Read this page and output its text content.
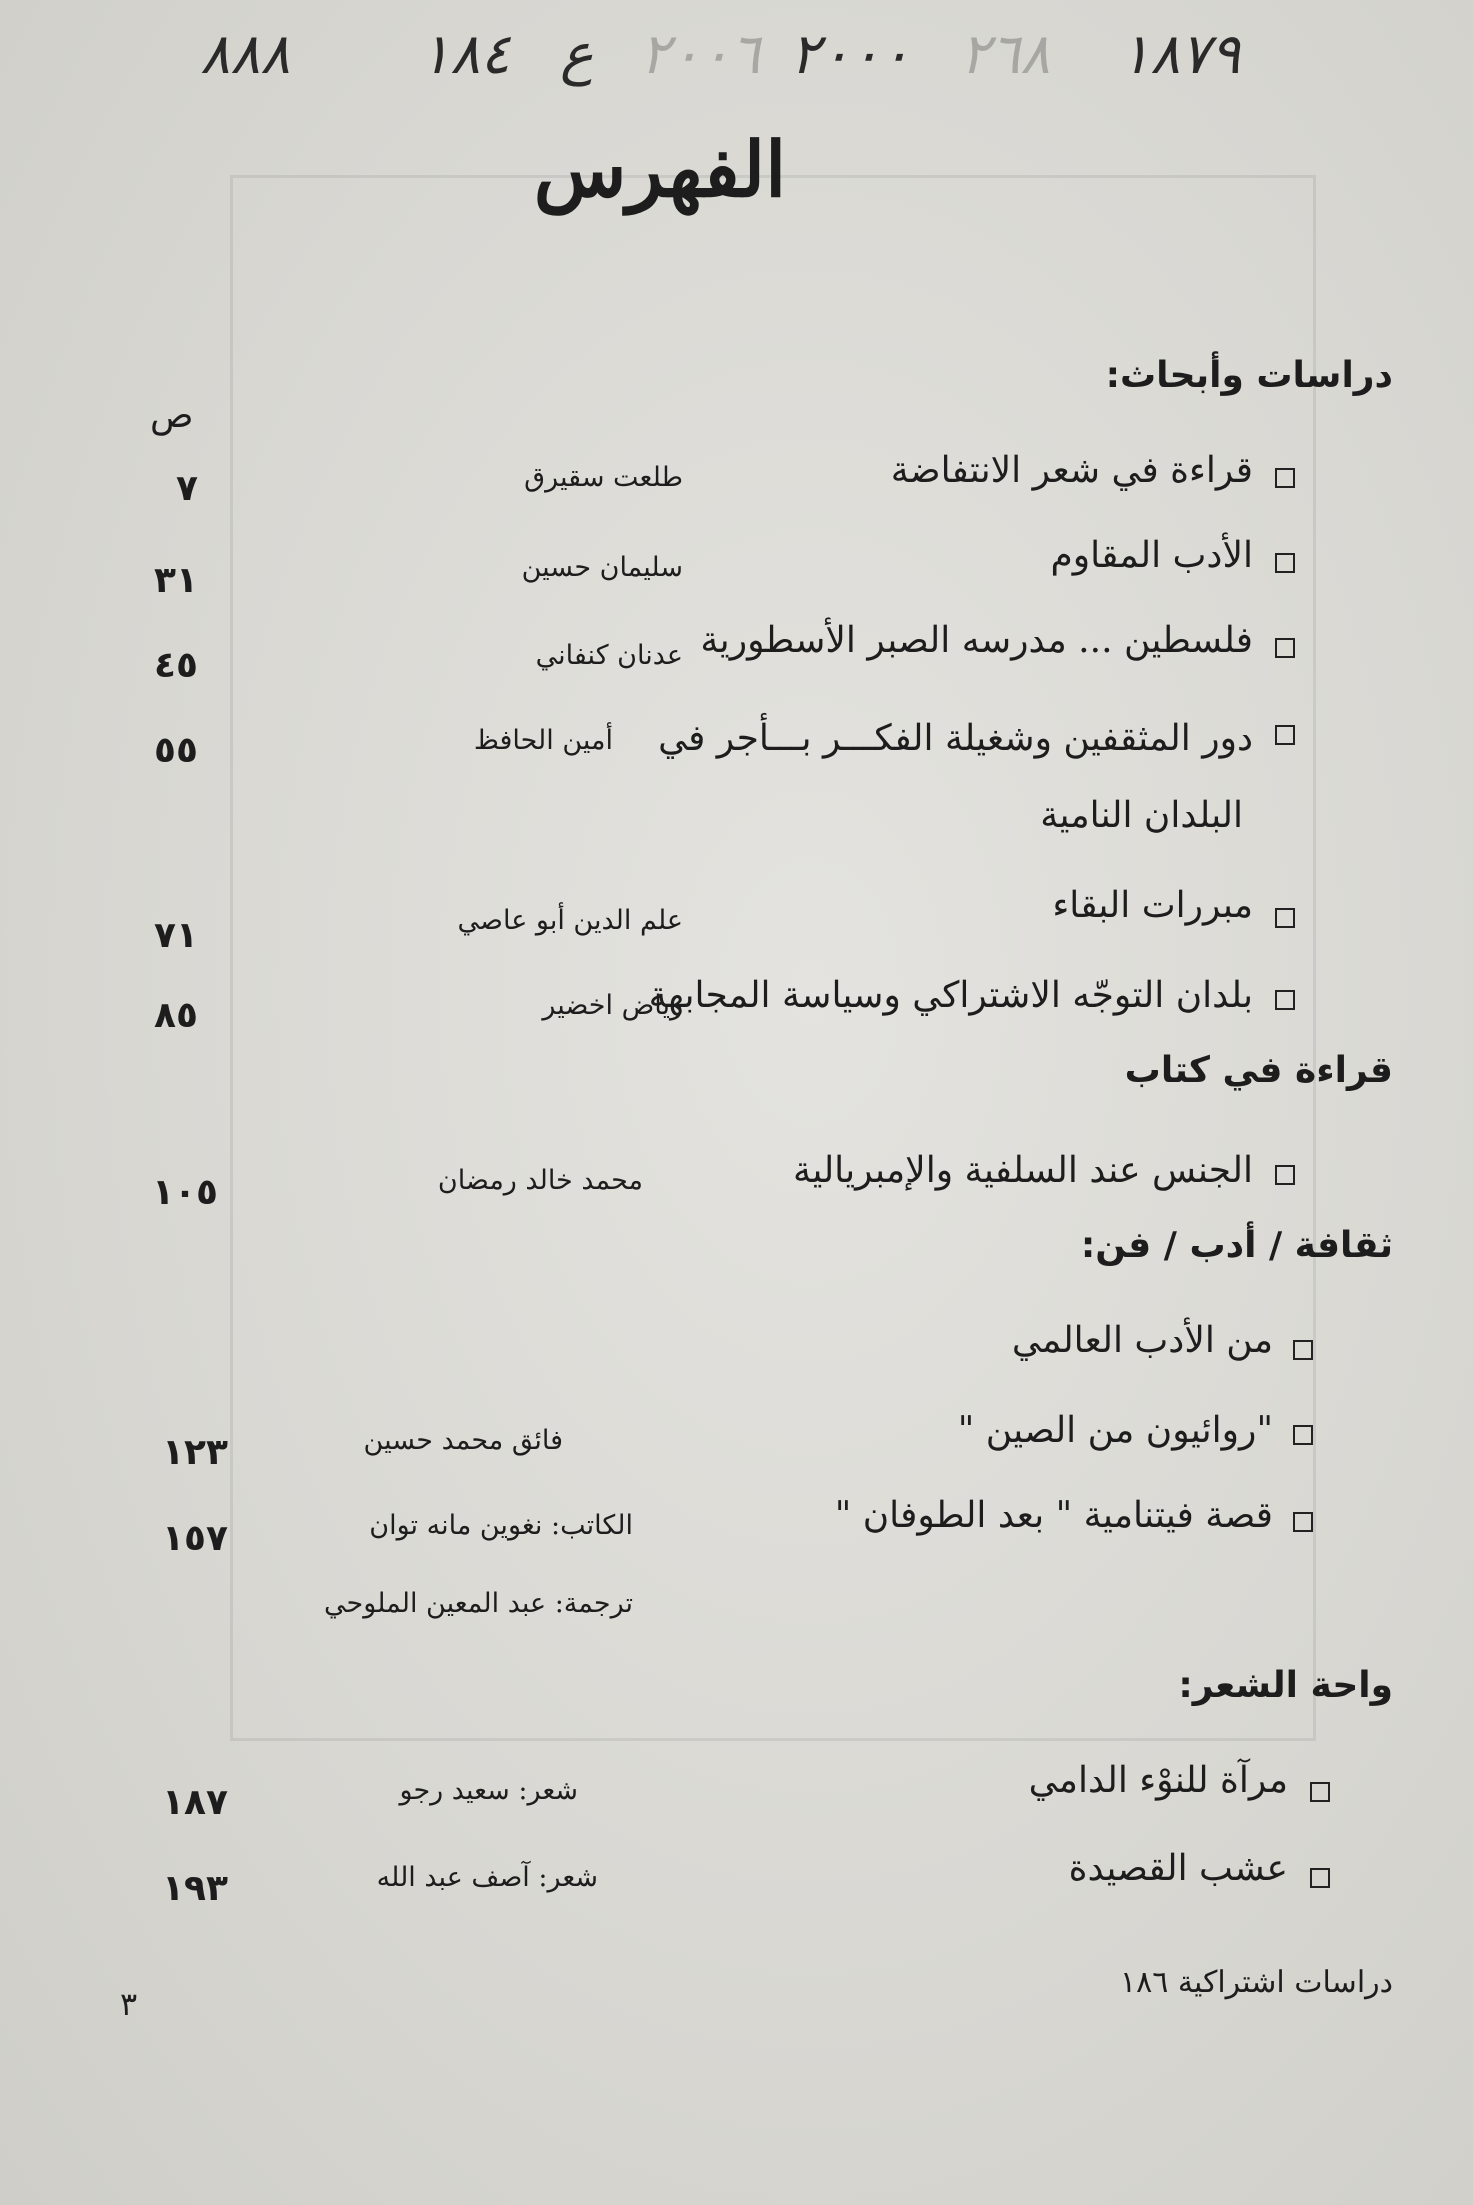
٨٨٨ ١٨٤ ع ٢٠٠٦ ٢٠٠٠ ٢٦٨ ١٨٧٩
الفهرس
دراسات وأبحاث:
ص
قراءة في شعر الانتفاضة
طلعت سقيرق
٧
الأدب المقاوم
سليمان حسين
٣١
فلسطين ... مدرسه الصبر الأسطورية
عدنان كنفاني
٤٥
دور المثقفين وشغيلة الفكـــر بـــأجر في
البلدان النامية
أمين الحافظ
٥٥
مبررات البقاء
علم الدين أبو عاصي
٧١
بلدان التوجّه الاشتراكي وسياسة المجابهة
رياض اخضير
٨٥
قراءة في كتاب
الجنس عند السلفية والإمبريالية
محمد خالد رمضان
١٠٥
ثقافة / أدب / فن:
من الأدب العالمي
"روائيون من الصين "
فائق محمد حسين
١٢٣
قصة فيتنامية " بعد الطوفان "
الكاتب: نغوين مانه توان
ترجمة: عبد المعين الملوحي
١٥٧
واحة الشعر:
مرآة للنوْء الدامي
شعر: سعيد رجو
١٨٧
عشب القصيدة
شعر: آصف عبد الله
١٩٣
دراسات اشتراكية ١٨٦
٣
